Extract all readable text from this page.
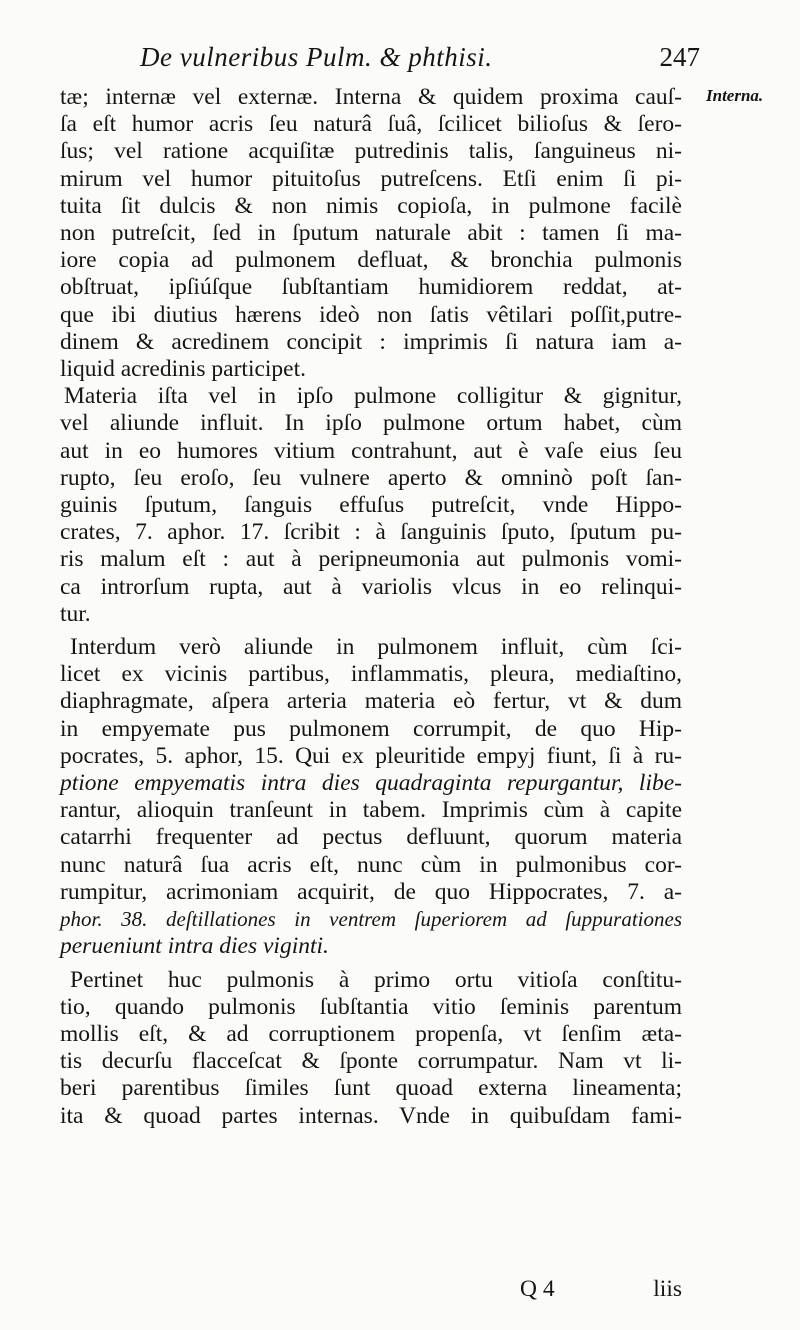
De vulneribus Pulm. & phthisi.	247
Interna.
tæ; internæ vel externæ. Interna & quidem proxima cauſ-
ſa eſt humor acris ſeu naturâ ſuâ, ſcilicet bilioſus & ſero-
ſus; vel ratione acquiſitæ putredinis talis, ſanguineus ni-
mirum vel humor pituitoſus putreſcens. Etſi enim ſi pi-
tuita ſit dulcis & non nimis copioſa, in pulmone facilè
non putreſcit, ſed in ſputum naturale abit : tamen ſi ma-
iore copia ad pulmonem defluat, & bronchia pulmonis
obſtruat, ipſiúſque ſubſtantiam humidiorem reddat, at-
que ibi diutius hærens ideò non ſatis vêtilari poſſit,putre-
dinem & acredinem concipit : imprimis ſi natura iam a-
liquid acredinis participet.
Materia iſta vel in ipſo pulmone colligitur & gignitur,
vel aliunde influit. In ipſo pulmone ortum habet, cùm
aut in eo humores vitium contrahunt, aut è vaſe eius ſeu
rupto, ſeu eroſo, ſeu vulnere aperto & omninò poſt ſan-
guinis ſputum, ſanguis effuſus putreſcit, vnde Hippo-
crates, 7. aphor. 17. ſcribit : à ſanguinis ſputo, ſputum pu-
ris malum eſt : aut à peripneumonia aut pulmonis vomi-
ca introrſum rupta, aut à variolis vlcus in eo relinqui-
tur.
Interdum verò aliunde in pulmonem influit, cùm ſci-
licet ex vicinis partibus, inflammatis, pleura, mediaſtino,
diaphragmate, aſpera arteria materia eò fertur, vt & dum
in empyemate pus pulmonem corrumpit, de quo Hip-
pocrates, 5. aphor, 15. Qui ex pleuritide empyj fiunt, ſi à ru-
ptione empyematis intra dies quadraginta repurgantur, libe-
rantur, alioquin tranſeunt in tabem. Imprimis cùm à capite
catarrhi frequenter ad pectus defluunt, quorum materia
nunc naturâ ſua acris eſt, nunc cùm in pulmonibus cor-
rumpitur, acrimoniam acquirit, de quo Hippocrates, 7. a-
phor. 38. deſtillationes in ventrem ſuperiorem ad ſuppurationes
perueniunt intra dies viginti.
Pertinet huc pulmonis à primo ortu vitioſa conſtitu-
tio, quando pulmonis ſubſtantia vitio ſeminis parentum
mollis eſt, & ad corruptionem propenſa, vt ſenſim æta-
tis decurſu flacceſcat & ſponte corrumpatur. Nam vt li-
beri parentibus ſimiles ſunt quoad externa lineamenta;
ita & quoad partes internas. Vnde in quibuſdam fami-
Q 4	liis
